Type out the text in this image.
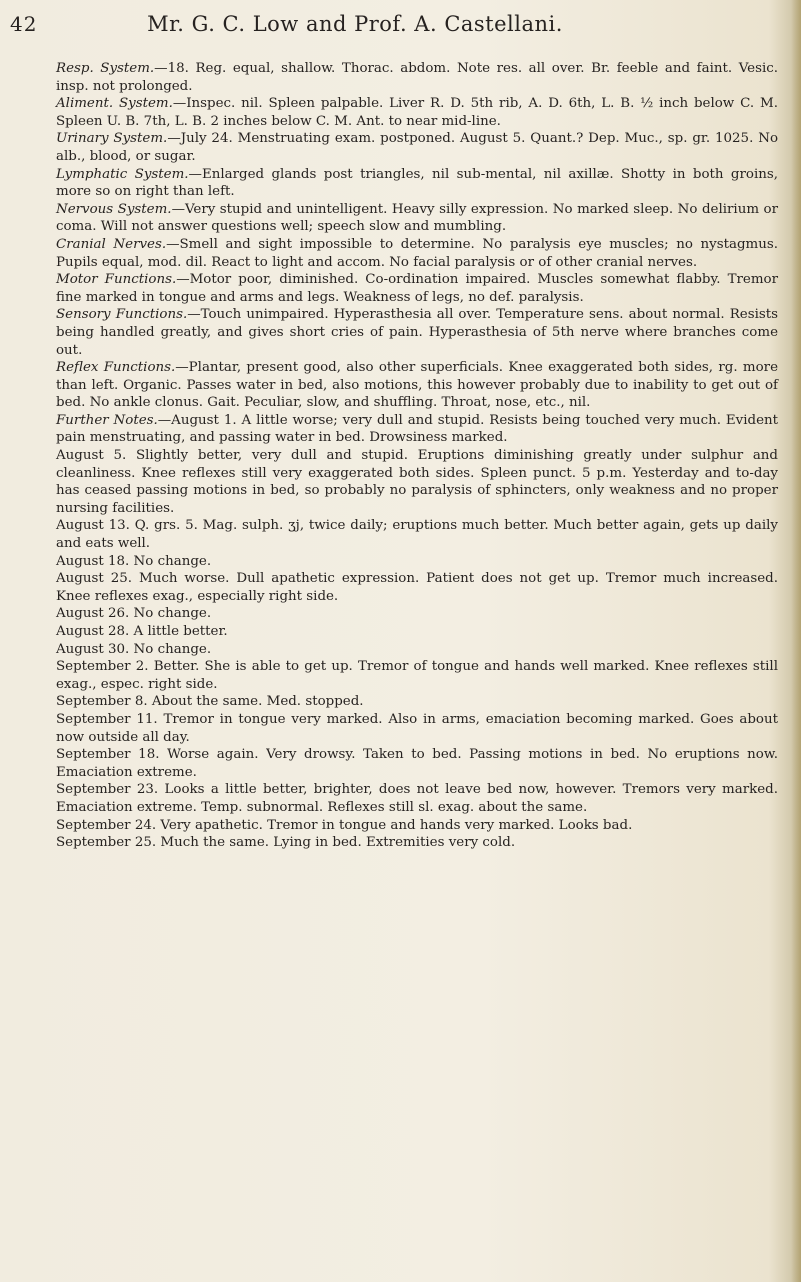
42	Mr. G. C. Low and Prof. A. Castellani.

Resp. System.—18. Reg. equal, shallow. Thorac. abdom. Note res. all over. Br. feeble and faint. Vesic. insp. not prolonged.

Aliment. System.—Inspec. nil. Spleen palpable. Liver R. D. 5th rib, A. D. 6th, L. B. ½ inch below C. M. Spleen U. B. 7th, L. B. 2 inches below C. M. Ant. to near mid-line.

Urinary System.—July 24. Menstruating exam. postponed. August 5. Quant.? Dep. Muc., sp. gr. 1025. No alb., blood, or sugar.

Lymphatic System.—Enlarged glands post triangles, nil sub-mental, nil axillæ. Shotty in both groins, more so on right than left.

Nervous System.—Very stupid and unintelligent. Heavy silly expression. No marked sleep. No delirium or coma. Will not answer questions well; speech slow and mumbling.

Cranial Nerves.—Smell and sight impossible to determine. No paralysis eye muscles; no nystagmus. Pupils equal, mod. dil. React to light and accom. No facial paralysis or of other cranial nerves.

Motor Functions.—Motor poor, diminished. Co-ordination impaired. Muscles somewhat flabby. Tremor fine marked in tongue and arms and legs. Weakness of legs, no def. paralysis.

Sensory Functions.—Touch unimpaired. Hyperasthesia all over. Temperature sens. about normal. Resists being handled greatly, and gives short cries of pain. Hyperasthesia of 5th nerve where branches come out.

Reflex Functions.—Plantar, present good, also other superficials. Knee exaggerated both sides, rg. more than left. Organic. Passes water in bed, also motions, this however probably due to inability to get out of bed. No ankle clonus. Gait. Peculiar, slow, and shuffling. Throat, nose, etc., nil.

Further Notes.—August 1. A little worse; very dull and stupid. Resists being touched very much. Evident pain menstruating, and passing water in bed. Drowsiness marked.

August 5. Slightly better, very dull and stupid. Eruptions diminishing greatly under sulphur and cleanliness. Knee reflexes still very exaggerated both sides. Spleen punct. 5 p.m. Yesterday and to-day has ceased passing motions in bed, so probably no paralysis of sphincters, only weakness and no proper nursing facilities.

August 13. Q. grs. 5. Mag. sulph. ʒj, twice daily; eruptions much better. Much better again, gets up daily and eats well.

August 18. No change.

August 25. Much worse. Dull apathetic expression. Patient does not get up. Tremor much increased. Knee reflexes exag., especially right side.

August 26. No change.

August 28. A little better.

August 30. No change.

September 2. Better. She is able to get up. Tremor of tongue and hands well marked. Knee reflexes still exag., espec. right side.

September 8. About the same. Med. stopped.

September 11. Tremor in tongue very marked. Also in arms, emaciation becoming marked. Goes about now outside all day.

September 18. Worse again. Very drowsy. Taken to bed. Passing motions in bed. No eruptions now. Emaciation extreme.

September 23. Looks a little better, brighter, does not leave bed now, however. Tremors very marked. Emaciation extreme. Temp. subnormal. Reflexes still sl. exag. about the same.

September 24. Very apathetic. Tremor in tongue and hands very marked. Looks bad.

September 25. Much the same. Lying in bed. Extremities very cold.
